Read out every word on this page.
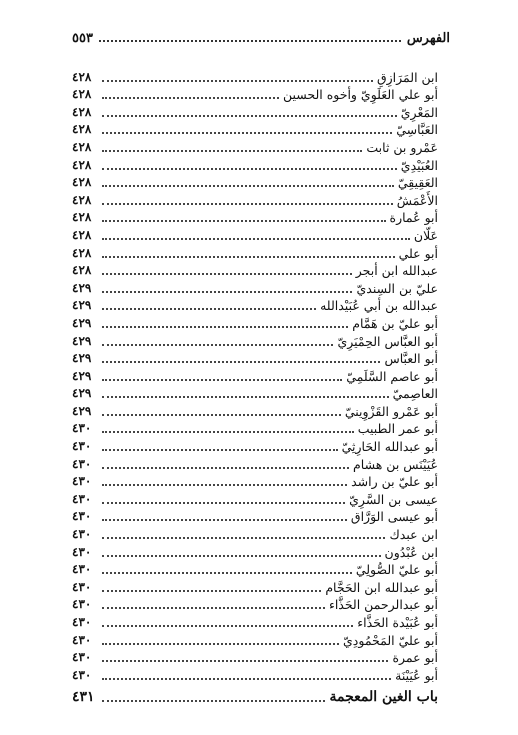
الفهرس
٥٥٣
ابن المَرَازِقِ
٤٢٨
أبو علي العَلَوِيّ وأخوه الحسين
٤٢٨
المَعْرِيّ
٤٢٨
العَبَّاسِيّ
٤٢٨
عَمْرو بن ثابت
٤٢٨
العُبَيْدِيّ
٤٢٨
العَقِيقِيّ
٤٢٨
الأَعْمَشُ
٤٢٨
أبو عُمارة
٤٢٨
عَلّان
٤٢٨
أبو علي
٤٢٨
عبدالله ابن أبجر
٤٢٨
عليّ بن السِنديّ
٤٢٩
عبدالله بن أبي عُبَيْدالله
٤٢٩
أبو عليّ بن هَمَّام
٤٢٩
أبو العبَّاس الحِمْيَرِيّ
٤٢٩
أبو العبَّاس
٤٢٩
أبو عاصم السَّلَمِيّ
٤٢٩
العاصِميّ
٤٢٩
أبو عَمْرو القَزْوِينيّ
٤٢٩
أبو عمر الطبيب
٤٣٠
أبو عبدالله الحَارِثِيّ
٤٣٠
عُيَيْنَس بن هشام
٤٣٠
أبو عليّ بن راشد
٤٣٠
عيسى بن السَّرِيّ
٤٣٠
أبو عيسى الوَرَّاق
٤٣٠
ابن عبدك
٤٣٠
ابن عُبْدُون
٤٣٠
أبو عليّ الصُّولِيّ
٤٣٠
أبو عبدالله ابن الحَجَّام
٤٣٠
أبو عبدالرحمن الحَذَّاء
٤٣٠
أبو عُبَيْدة الحَذَّاء
٤٣٠
أبو عليّ المَحْمُودِيّ
٤٣٠
أبو عمرة
٤٣٠
أبو عُيَيْنَة
٤٣٠
باب الغين المعجمة
٤٣١
